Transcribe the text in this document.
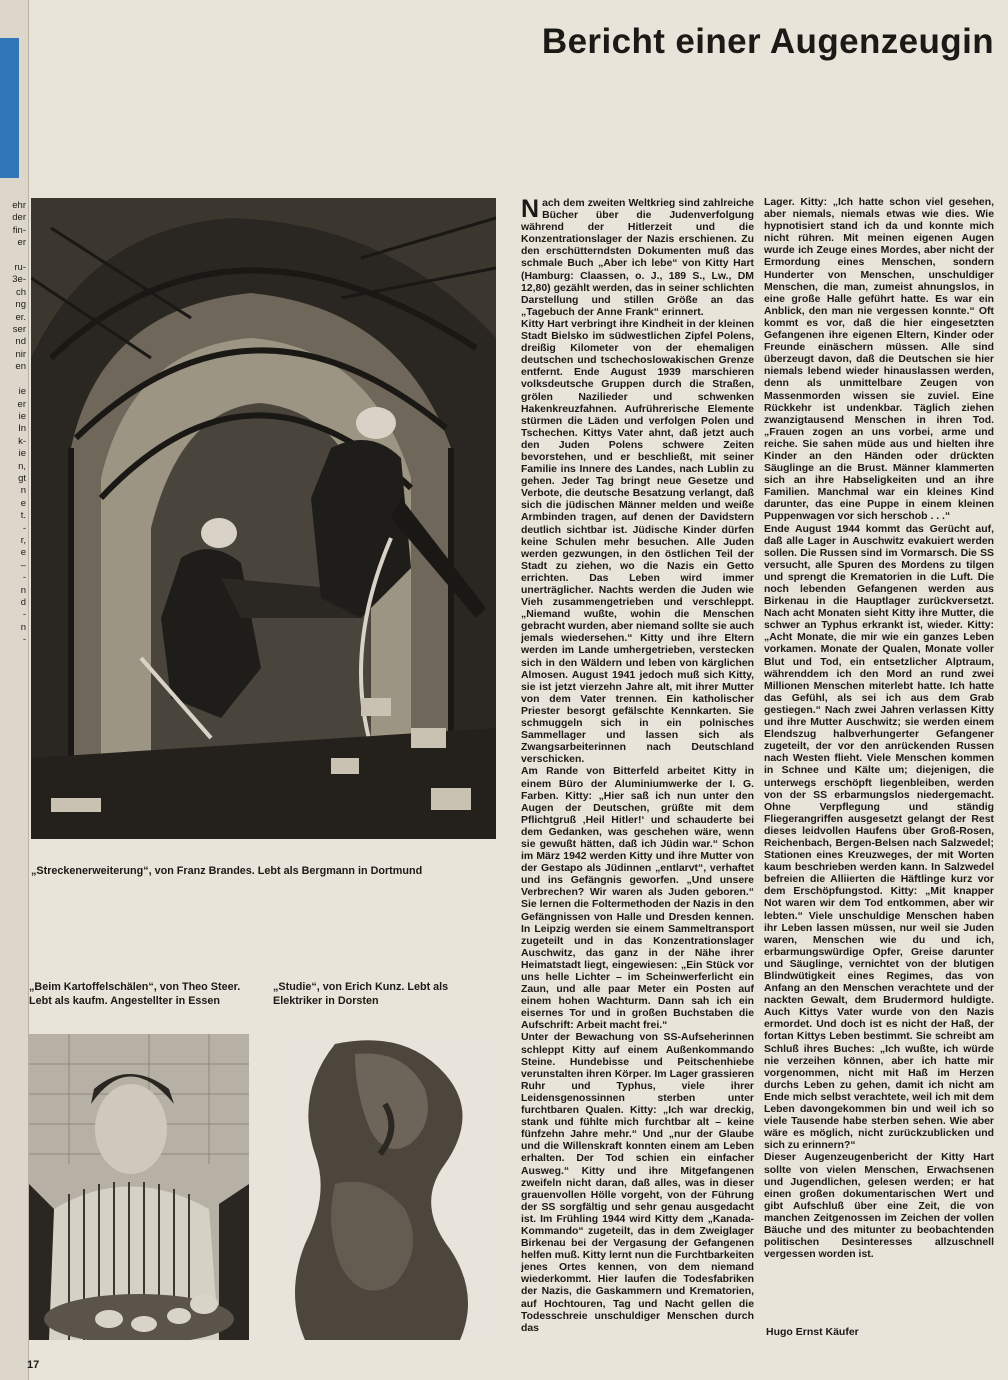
ehr
der
fin-
er

ru-
3e-
ch
ng
er.
ser
nd
nir
en

ie
er
ie
In
k-
ie
n,
gt
n
e
t.
-
r,
e
–
-
n
d
-
n
-
Bericht einer Augenzeugin
„Streckenerweiterung“, von Franz Brandes. Lebt als Bergmann in Dortmund
„Beim Kartoffelschälen“, von Theo Steer. Lebt als kaufm. Angestellter in Essen
„Studie“, von Erich Kunz. Lebt als Elektriker in Dorsten

Nach dem zweiten Weltkrieg sind zahlreiche Bücher über die Judenverfolgung während der Hitlerzeit und die Konzentrationslager der Nazis erschienen. Zu den erschütterndsten Dokumenten muß das schmale Buch „Aber ich lebe“ von Kitty Hart (Hamburg: Claassen, o. J., 189 S., Lw., DM 12,80) gezählt werden, das in seiner schlichten Darstellung und stillen Größe an das „Tagebuch der Anne Frank“ erinnert.

Kitty Hart verbringt ihre Kindheit in der kleinen Stadt Bielsko im südwestlichen Zipfel Polens, dreißig Kilometer von der ehemaligen deutschen und tschechoslowakischen Grenze entfernt. Ende August 1939 marschieren volksdeutsche Gruppen durch die Straßen, grölen Nazilieder und schwenken Hakenkreuzfahnen. Aufrührerische Elemente stürmen die Läden und verfolgen Polen und Tschechen. Kittys Vater ahnt, daß jetzt auch den Juden Polens schwere Zeiten bevorstehen, und er beschließt, mit seiner Familie ins Innere des Landes, nach Lublin zu gehen. Jeder Tag bringt neue Gesetze und Verbote, die deutsche Besatzung verlangt, daß sich die jüdischen Männer melden und weiße Armbinden tragen, auf denen der Davidstern deutlich sichtbar ist. Jüdische Kinder dürfen keine Schulen mehr besuchen. Alle Juden werden gezwungen, in den östlichen Teil der Stadt zu ziehen, wo die Nazis ein Getto errichten. Das Leben wird immer unerträglicher. Nachts werden die Juden wie Vieh zusammengetrieben und verschleppt. „Niemand wußte, wohin die Menschen gebracht wurden, aber niemand sollte sie auch jemals wiedersehen.“ Kitty und ihre Eltern werden im Lande umhergetrieben, verstecken sich in den Wäldern und leben von kärglichen Almosen. August 1941 jedoch muß sich Kitty, sie ist jetzt vierzehn Jahre alt, mit ihrer Mutter von dem Vater trennen. Ein katholischer Priester besorgt gefälschte Kennkarten. Sie schmuggeln sich in ein polnisches Sammellager und lassen sich als Zwangsarbeiterinnen nach Deutschland verschicken.

Am Rande von Bitterfeld arbeitet Kitty in einem Büro der Aluminiumwerke der I. G. Farben. Kitty: „Hier saß ich nun unter den Augen der Deutschen, grüßte mit dem Pflichtgruß ‚Heil Hitler!‘ und schauderte bei dem Gedanken, was geschehen wäre, wenn sie gewußt hätten, daß ich Jüdin war.“ Schon im März 1942 werden Kitty und ihre Mutter von der Gestapo als Jüdinnen „entlarvt“, verhaftet und ins Gefängnis geworfen. „Und unsere Verbrechen? Wir waren als Juden geboren.“ Sie lernen die Foltermethoden der Nazis in den Gefängnissen von Halle und Dresden kennen. In Leipzig werden sie einem Sammeltransport zugeteilt und in das Konzentrationslager Auschwitz, das ganz in der Nähe ihrer Heimatstadt liegt, eingewiesen: „Ein Stück vor uns helle Lichter – im Scheinwerferlicht ein Zaun, und alle paar Meter ein Posten auf einem hohen Wachturm. Dann sah ich ein eisernes Tor und in großen Buchstaben die Aufschrift: Arbeit macht frei.“

Unter der Bewachung von SS-Aufseherinnen schleppt Kitty auf einem Außenkommando Steine. Hundebisse und Peitschenhiebe verunstalten ihren Körper. Im Lager grassieren Ruhr und Typhus, viele ihrer Leidensgenossinnen sterben unter furchtbaren Qualen. Kitty: „Ich war dreckig, stank und fühlte mich furchtbar alt – keine fünfzehn Jahre mehr.“ Und „nur der Glaube und die Willenskraft konnten einem am Leben erhalten. Der Tod schien ein einfacher Ausweg.“ Kitty und ihre Mitgefangenen zweifeln nicht daran, daß alles, was in dieser grauenvollen Hölle vorgeht, von der Führung der SS sorgfältig und sehr genau ausgedacht ist. Im Frühling 1944 wird Kitty dem „Kanada-Kommando“ zugeteilt, das in dem Zweiglager Birkenau bei der Vergasung der Gefangenen helfen muß. Kitty lernt nun die Furchtbarkeiten jenes Ortes kennen, von dem niemand wiederkommt. Hier laufen die Todesfabriken der Nazis, die Gaskammern und Krematorien, auf Hochtouren, Tag und Nacht gellen die Todesschreie unschuldiger Menschen durch das

Lager. Kitty: „Ich hatte schon viel gesehen, aber niemals, niemals etwas wie dies. Wie hypnotisiert stand ich da und konnte mich nicht rühren. Mit meinen eigenen Augen wurde ich Zeuge eines Mordes, aber nicht der Ermordung eines Menschen, sondern Hunderter von Menschen, unschuldiger Menschen, die man, zumeist ahnungslos, in eine große Halle geführt hatte. Es war ein Anblick, den man nie vergessen konnte.“ Oft kommt es vor, daß die hier eingesetzten Gefangenen ihre eigenen Eltern, Kinder oder Freunde einäschern müssen. Alle sind überzeugt davon, daß die Deutschen sie hier niemals lebend wieder hinauslassen werden, denn als unmittelbare Zeugen von Massenmorden wissen sie zuviel. Eine Rückkehr ist undenkbar. Täglich ziehen zwanzigtausend Menschen in ihren Tod. „Frauen zogen an uns vorbei, arme und reiche. Sie sahen müde aus und hielten ihre Kinder an den Händen oder drückten Säuglinge an die Brust. Männer klammerten sich an ihre Habseligkeiten und an ihre Familien. Manchmal war ein kleines Kind darunter, das eine Puppe in einem kleinen Puppenwagen vor sich herschob . . .“

Ende August 1944 kommt das Gerücht auf, daß alle Lager in Auschwitz evakuiert werden sollen. Die Russen sind im Vormarsch. Die SS versucht, alle Spuren des Mordens zu tilgen und sprengt die Krematorien in die Luft. Die noch lebenden Gefangenen werden aus Birkenau in die Hauptlager zurückversetzt. Nach acht Monaten sieht Kitty ihre Mutter, die schwer an Typhus erkrankt ist, wieder. Kitty: „Acht Monate, die mir wie ein ganzes Leben vorkamen. Monate der Qualen, Monate voller Blut und Tod, ein entsetzlicher Alptraum, währenddem ich den Mord an rund zwei Millionen Menschen miterlebt hatte. Ich hatte das Gefühl, als sei ich aus dem Grab gestiegen.“ Nach zwei Jahren verlassen Kitty und ihre Mutter Auschwitz; sie werden einem Elendszug halbverhungerter Gefangener zugeteilt, der vor den anrückenden Russen nach Westen flieht. Viele Menschen kommen in Schnee und Kälte um; diejenigen, die unterwegs erschöpft liegenbleiben, werden von der SS erbarmungslos niedergemacht. Ohne Verpflegung und ständig Fliegerangriffen ausgesetzt gelangt der Rest dieses leidvollen Haufens über Groß-Rosen, Reichenbach, Bergen-Belsen nach Salzwedel; Stationen eines Kreuzweges, der mit Worten kaum beschrieben werden kann. In Salzwedel befreien die Alliierten die Häftlinge kurz vor dem Erschöpfungstod. Kitty: „Mit knapper Not waren wir dem Tod entkommen, aber wir lebten.“ Viele unschuldige Menschen haben ihr Leben lassen müssen, nur weil sie Juden waren, Menschen wie du und ich, erbarmungswürdige Opfer, Greise darunter und Säuglinge, vernichtet von der blutigen Blindwütigkeit eines Regimes, das von Anfang an den Menschen verachtete und der nackten Gewalt, dem Brudermord huldigte. Auch Kittys Vater wurde von den Nazis ermordet. Und doch ist es nicht der Haß, der fortan Kittys Leben bestimmt. Sie schreibt am Schluß ihres Buches: „Ich wußte, ich würde nie verzeihen können, aber ich hatte mir vorgenommen, nicht mit Haß im Herzen durchs Leben zu gehen, damit ich nicht am Ende mich selbst verachtete, weil ich mit dem Leben davongekommen bin und weil ich so viele Tausende habe sterben sehen. Wie aber wäre es möglich, nicht zurückzublicken und sich zu erinnern?“

Dieser Augenzeugenbericht der Kitty Hart sollte von vielen Menschen, Erwachsenen und Jugendlichen, gelesen werden; er hat einen großen dokumentarischen Wert und gibt Aufschluß über eine Zeit, die von manchen Zeitgenossen im Zeichen der vollen Bäuche und des mitunter zu beobachtenden politischen Desinteresses allzuschnell vergessen worden ist.

Hugo Ernst Käufer
17
